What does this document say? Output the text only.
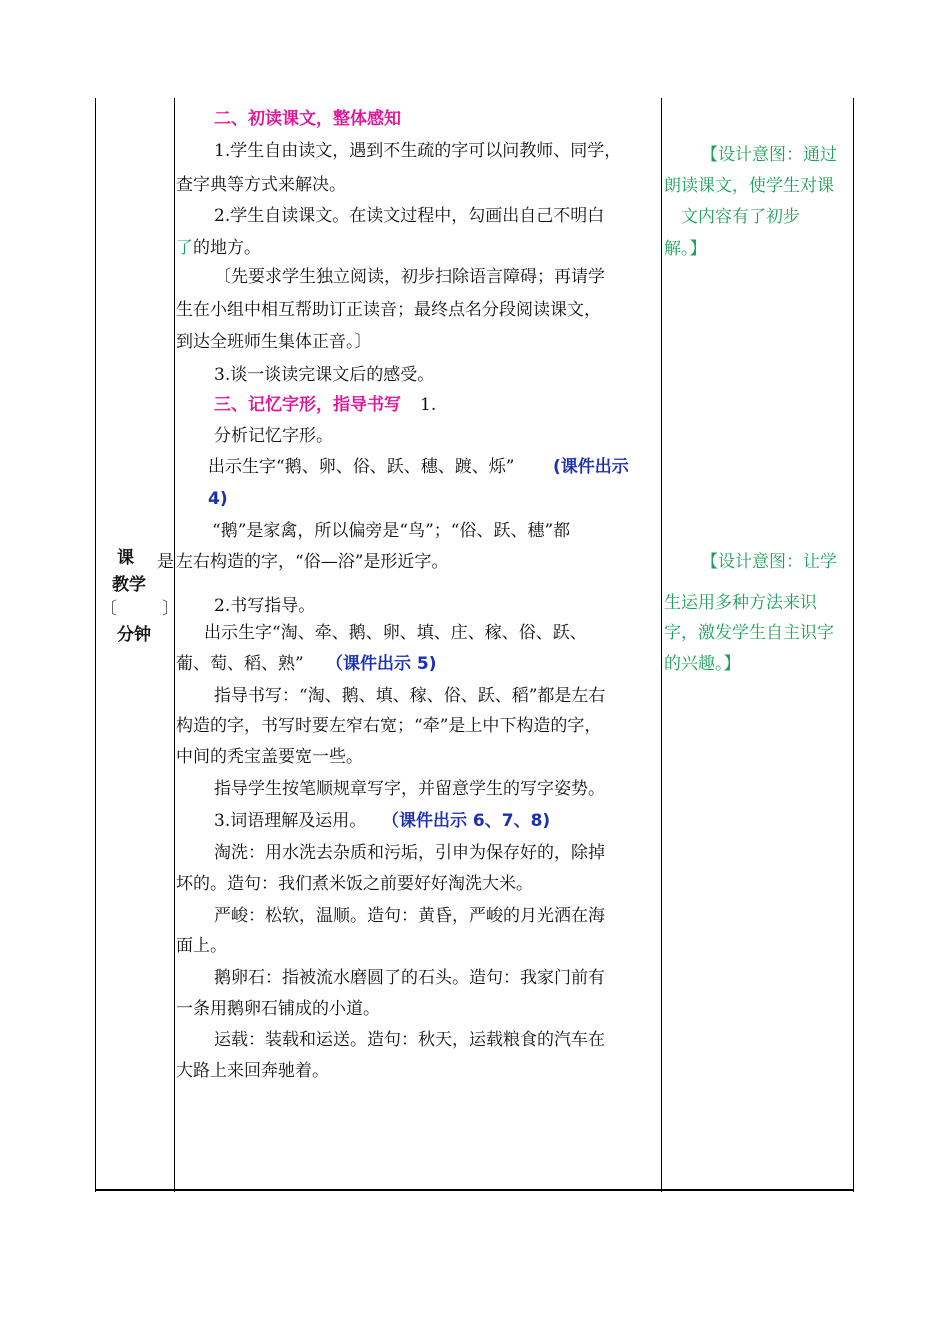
课
教学
〔	〕
分钟
二、初读课文，整体感知
1.学生自由读文，遇到不生疏的字可以问教师、同学，
查字典等方式来解决。
2.学生自读课文。在读文过程中，勾画出自己不明白
了 的地方。
〔先要求学生独立阅读，初步扫除语言障碍；再请学
生在小组中相互帮助订正读音；最终点名分段阅读课文，
到达全班师生集体正音。〕
3.谈一谈读完课文后的感受。
三、记忆字形，指导书写 1.
分析记忆字形。
出示生字“鹅、卵、俗、跃、穗、踱、烁” (课件出示
4)
“鹅”是家禽，所以偏旁是“鸟”；“俗、跃、穗”都
是 左右构造的字，“俗—浴”是形近字。
2.书写指导。
出示生字“淘、牵、鹅、卵、填、庄、稼、俗、跃、
葡、萄、稻、熟” （课件出示 5)
指导书写：“淘、鹅、填、稼、俗、跃、稻”都是左右
构造的字，书写时要左窄右宽；“牵”是上中下构造的字，
中间的秃宝盖要宽一些。
指导学生按笔顺规章写字，并留意学生的写字姿势。
3.词语理解及运用。 （课件出示 6、7、8)
淘洗：用水洗去杂质和污垢，引申为保存好的，除掉
坏的。造句：我们煮米饭之前要好好淘洗大米。
严峻：松软，温顺。造句：黄昏，严峻的月光洒在海
面上。
鹅卵石：指被流水磨圆了的石头。造句：我家门前有
一条用鹅卵石铺成的小道。
运载：装载和运送。造句：秋天，运载粮食的汽车在
大路上来回奔驰着。
【设计意图：通过
朗读课文，使学生对课
文内容有了初步
解。】
【设计意图：让学
生运用多种方法来识
字，激发学生自主识字
的兴趣。】
